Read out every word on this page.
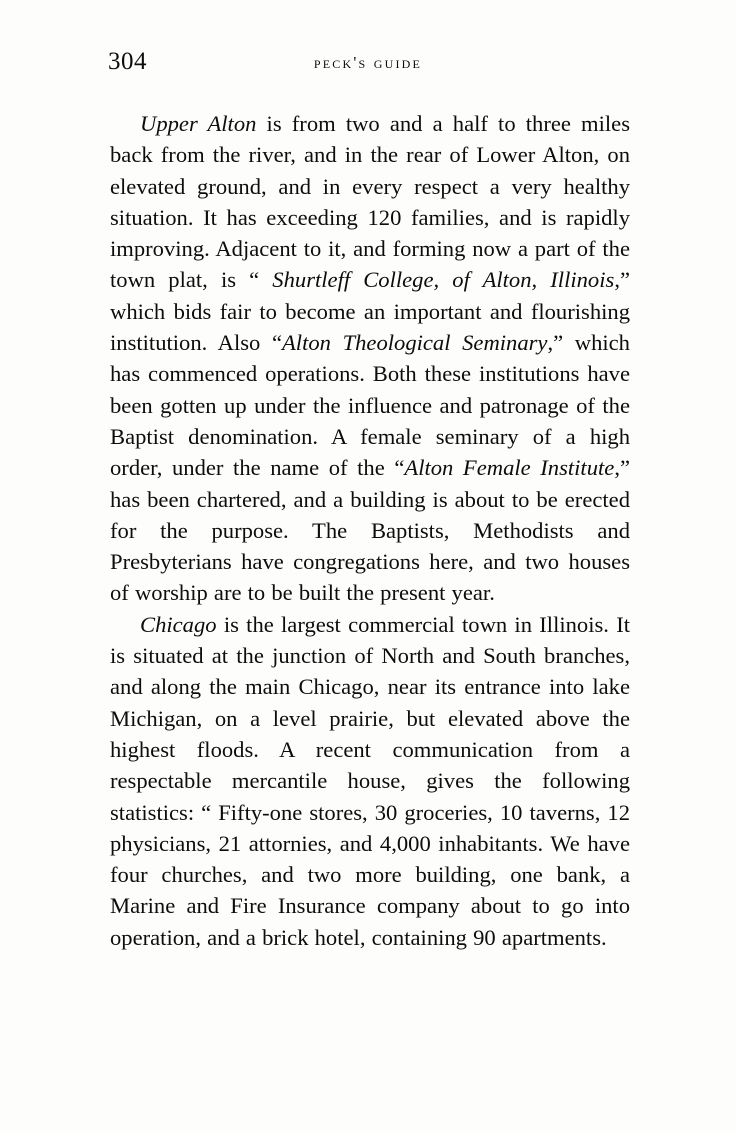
304	peck's guide

Upper Alton is from two and a half to three miles back from the river, and in the rear of Lower Alton, on elevated ground, and in every respect a very healthy situation. It has exceeding 120 families, and is rapidly improving. Adjacent to it, and forming now a part of the town plat, is “ Shurtleff College, of Alton, Illinois,” which bids fair to become an important and flourishing institution. Also “Alton Theological Seminary,” which has commenced operations. Both these institutions have been gotten up under the influence and patronage of the Baptist denomination. A female seminary of a high order, under the name of the “Alton Female Institute,” has been chartered, and a building is about to be erected for the purpose. The Baptists, Methodists and Presbyterians have congregations here, and two houses of worship are to be built the present year.

Chicago is the largest commercial town in Illinois. It is situated at the junction of North and South branches, and along the main Chicago, near its entrance into lake Michigan, on a level prairie, but elevated above the highest floods. A recent communication from a respectable mercantile house, gives the following statistics: “ Fifty-one stores, 30 groceries, 10 taverns, 12 physicians, 21 attornies, and 4,000 inhabitants. We have four churches, and two more building, one bank, a Marine and Fire Insurance company about to go into operation, and a brick hotel, containing 90 apartments.
